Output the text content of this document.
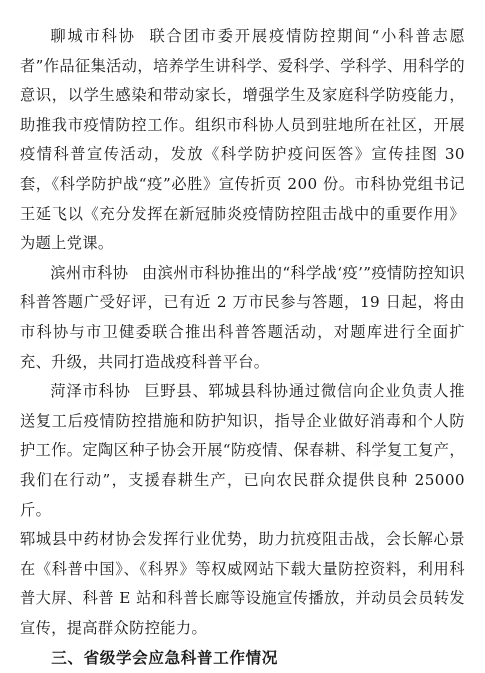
聊城市科协 联合团市委开展疫情防控期间“小科普志愿者”作品征集活动，培养学生讲科学、爱科学、学科学、用科学的意识，以学生感染和带动家长，增强学生及家庭科学防疫能力，助推我市疫情防控工作。组织市科协人员到驻地所在社区，开展疫情科普宣传活动，发放《科学防护疫问医答》宣传挂图 30 套，《科学防护战“疫”必胜》宣传折页 200 份。市科协党组书记王延飞以《充分发挥在新冠肺炎疫情防控阻击战中的重要作用》为题上党课。

滨州市科协 由滨州市科协推出的“科学战‘疫’”疫情防控知识科普答题广受好评，已有近 2 万市民参与答题，19 日起，将由市科协与市卫健委联合推出科普答题活动，对题库进行全面扩充、升级，共同打造战疫科普平台。

菏泽市科协 巨野县、郓城县科协通过微信向企业负责人推送复工后疫情防控措施和防护知识，指导企业做好消毒和个人防护工作。定陶区种子协会开展“防疫情、保春耕、科学复工复产，我们在行动”，支援春耕生产，已向农民群众提供良种 25000 斤。

郓城县中药材协会发挥行业优势，助力抗疫阻击战，会长解心景在《科普中国》、《科界》等权威网站下载大量防控资料，利用科普大屏、科普 E 站和科普长廊等设施宣传播放，并动员会员转发宣传，提高群众防控能力。

三、省级学会应急科普工作情况
